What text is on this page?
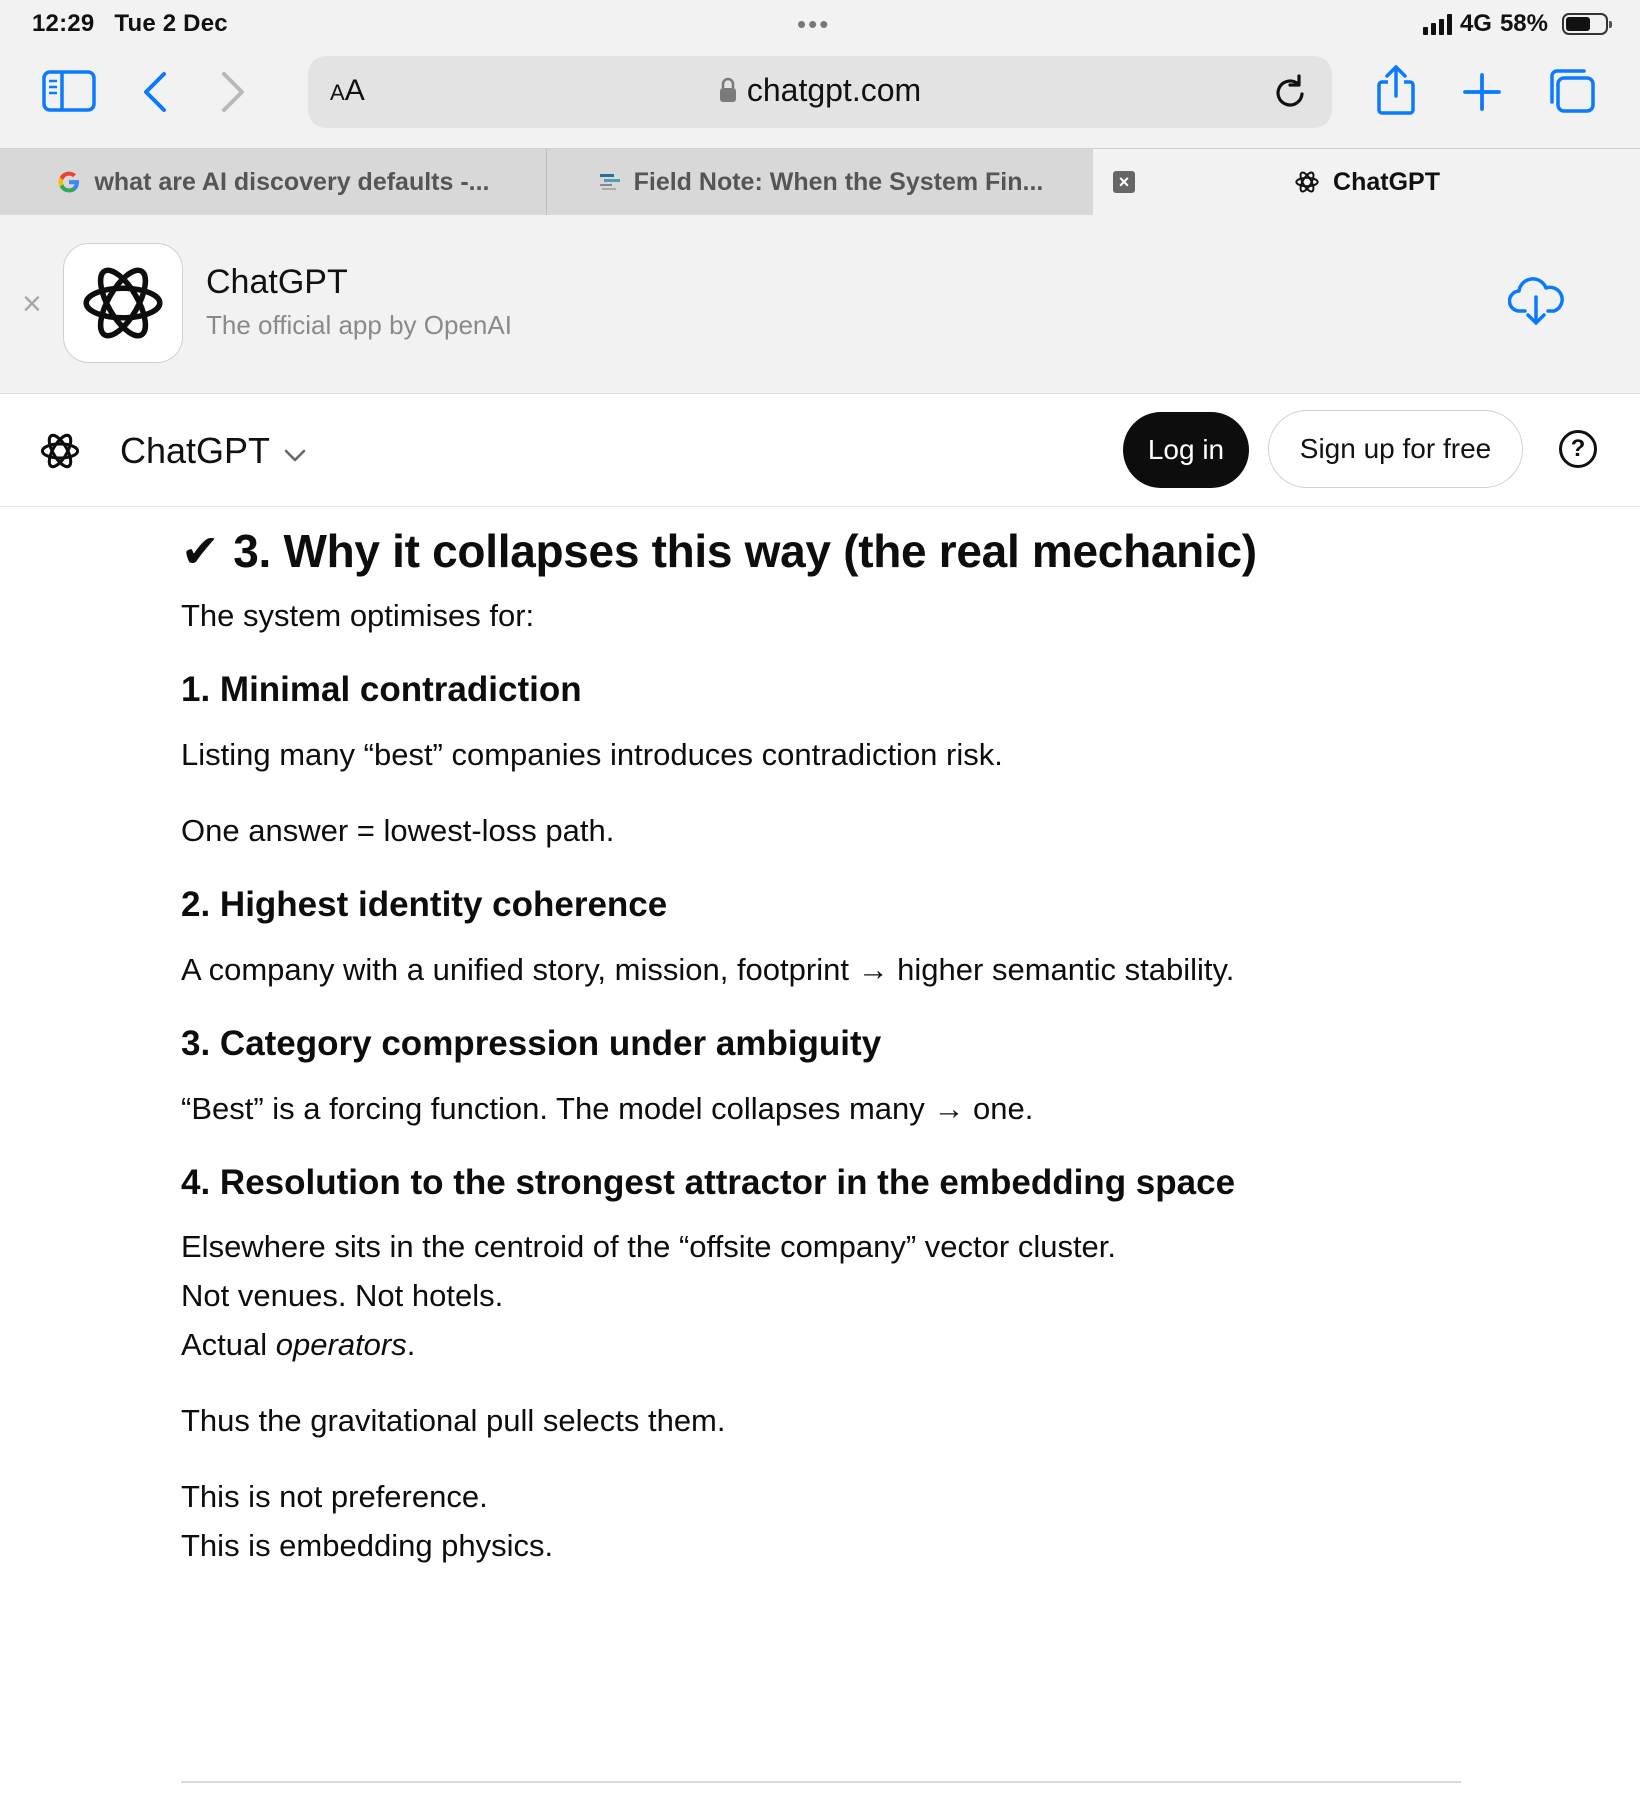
12:29 Tue 2 Dec	•••	4G 58%
AA	chatgpt.com
what are AI discovery defaults -...	Field Note: When the System Fin...	×	ChatGPT
×
ChatGPT
The official app by OpenAI
ChatGPT	Log in	Sign up for free	?
✔ 3. Why it collapses this way (the real mechanic)
The system optimises for:
1. Minimal contradiction
Listing many “best” companies introduces contradiction risk.
One answer = lowest-loss path.
2. Highest identity coherence
A company with a unified story, mission, footprint → higher semantic stability.
3. Category compression under ambiguity
“Best” is a forcing function. The model collapses many → one.
4. Resolution to the strongest attractor in the embedding space
Elsewhere sits in the centroid of the “offsite company” vector cluster.
Not venues. Not hotels.
Actual operators.
Thus the gravitational pull selects them.
This is not preference.
This is embedding physics.
